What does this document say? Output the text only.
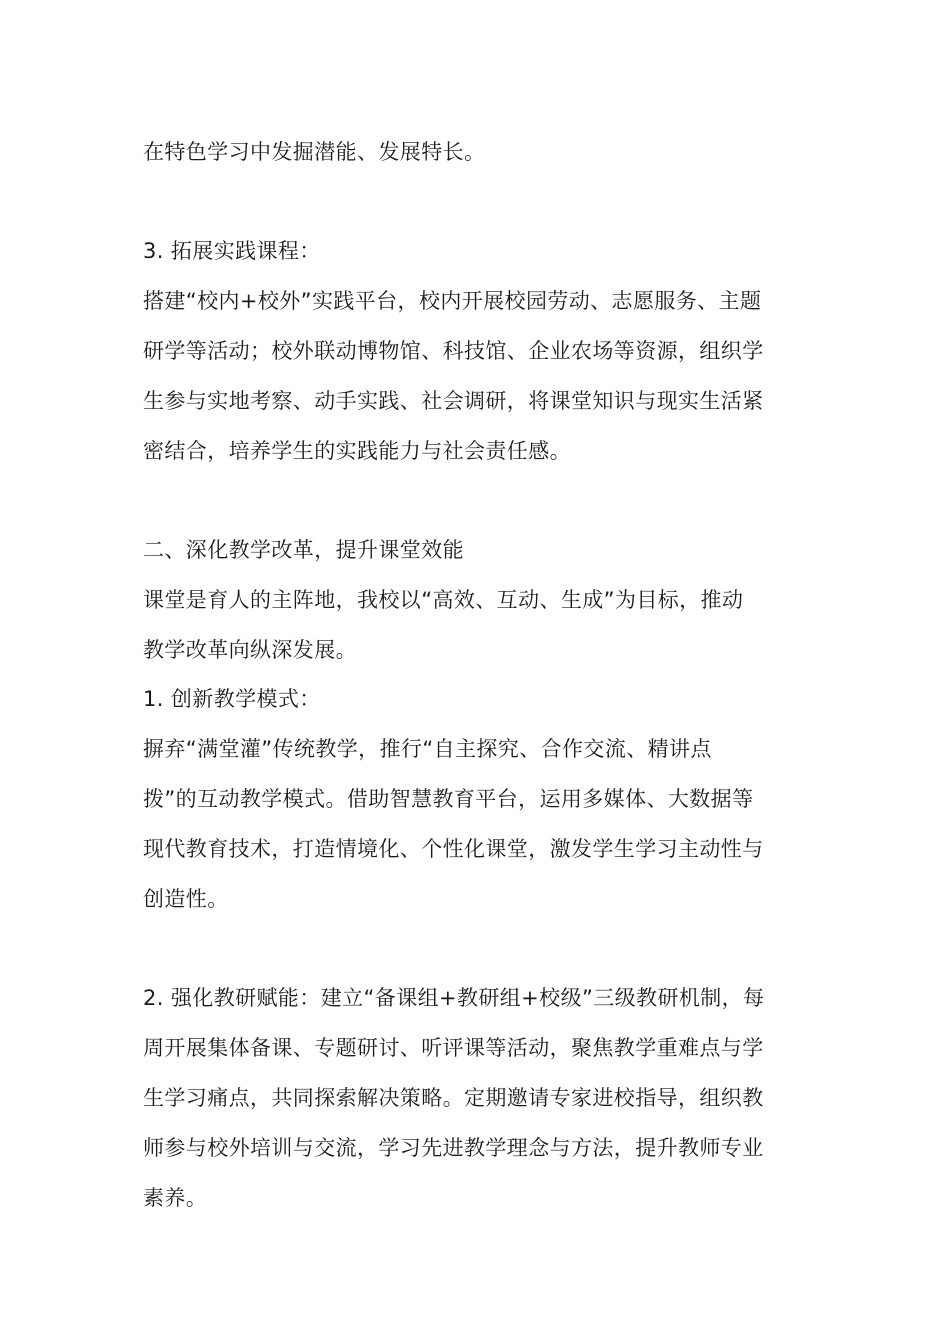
在特色学习中发掘潜能、发展特长。
3. 拓展实践课程：
搭建“校内+校外”实践平台，校内开展校园劳动、志愿服务、主题
研学等活动；校外联动博物馆、科技馆、企业农场等资源，组织学
生参与实地考察、动手实践、社会调研，将课堂知识与现实生活紧
密结合，培养学生的实践能力与社会责任感。
二、深化教学改革，提升课堂效能
课堂是育人的主阵地，我校以“高效、互动、生成”为目标，推动
教学改革向纵深发展。
1. 创新教学模式：
摒弃“满堂灌”传统教学，推行“自主探究、合作交流、精讲点
拨”的互动教学模式。借助智慧教育平台，运用多媒体、大数据等
现代教育技术，打造情境化、个性化课堂，激发学生学习主动性与
创造性。
2. 强化教研赋能：建立“备课组+教研组+校级”三级教研机制，每
周开展集体备课、专题研讨、听评课等活动，聚焦教学重难点与学
生学习痛点，共同探索解决策略。定期邀请专家进校指导，组织教
师参与校外培训与交流，学习先进教学理念与方法，提升教师专业
素养。
